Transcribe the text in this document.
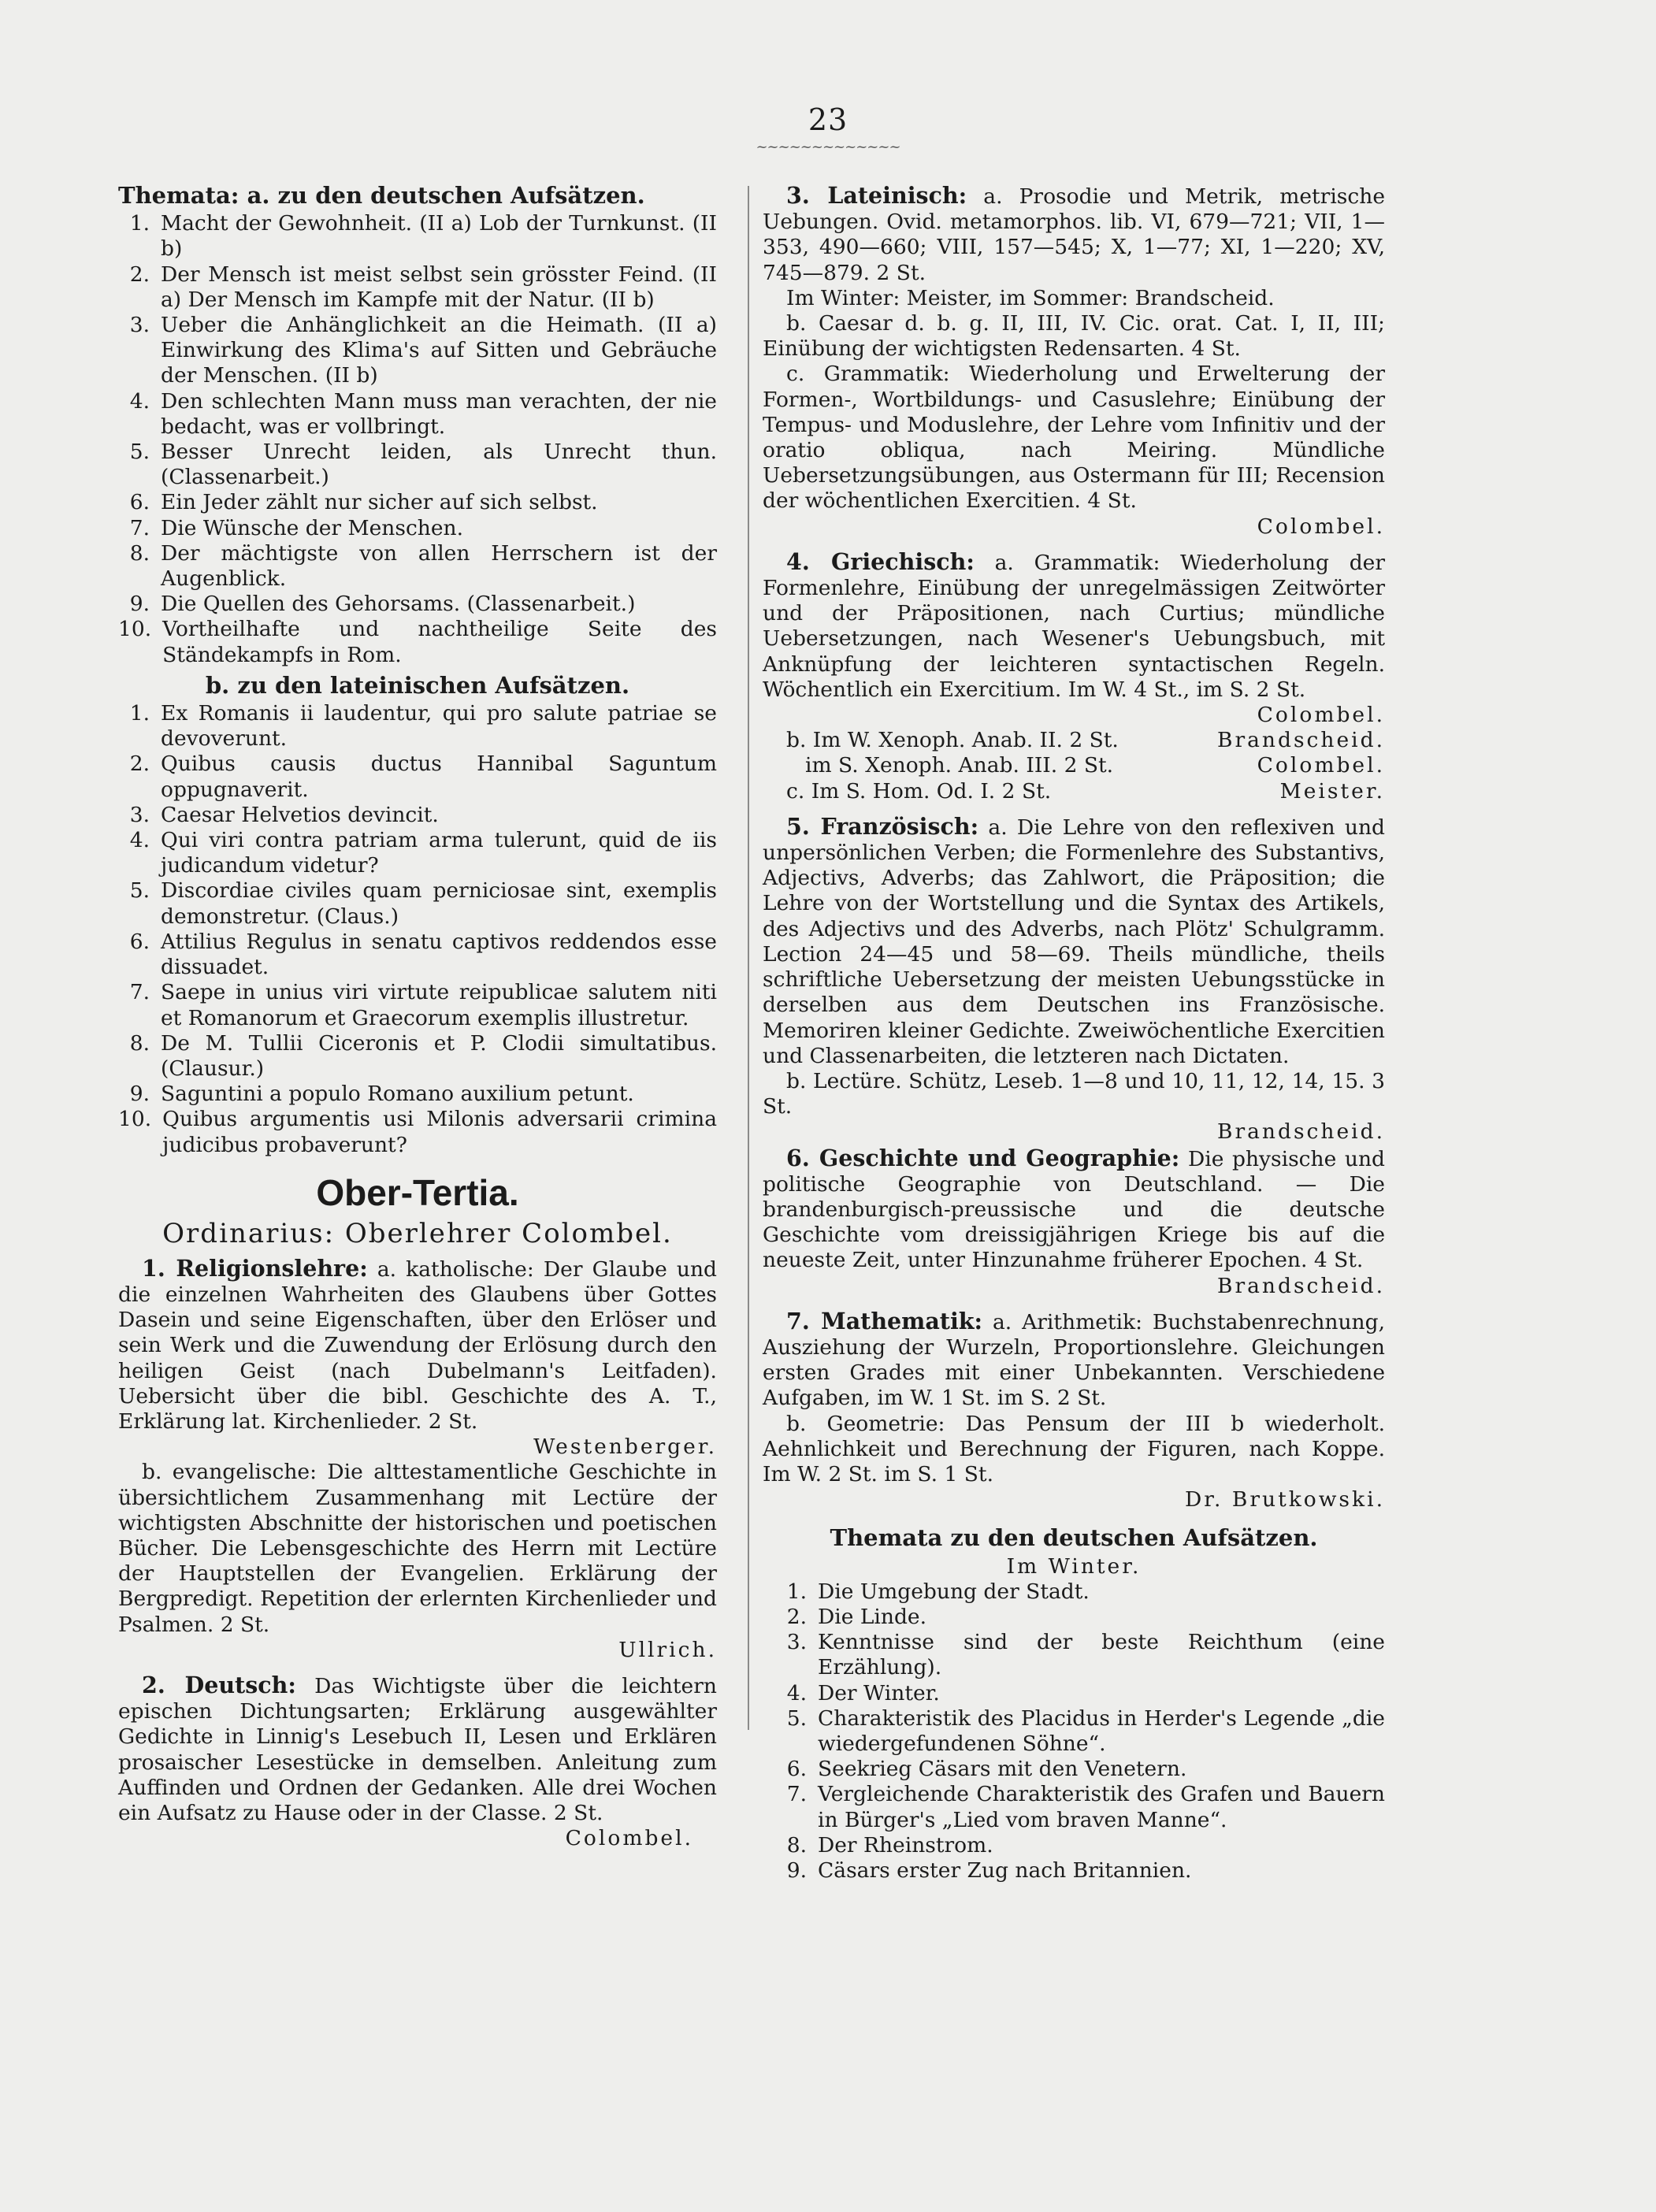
23
~~~~~~~~~~~~~
Themata: a. zu den deutschen Aufsätzen.
1. Macht der Gewohnheit. (II a) Lob der Turnkunst. (II b)
2. Der Mensch ist meist selbst sein grösster Feind. (II a) Der Mensch im Kampfe mit der Natur. (II b)
3. Ueber die Anhänglichkeit an die Heimath. (II a) Einwirkung des Klima's auf Sitten und Gebräuche der Menschen. (II b)
4. Den schlechten Mann muss man verachten, der nie bedacht, was er vollbringt.
5. Besser Unrecht leiden, als Unrecht thun. (Classenarbeit.)
6. Ein Jeder zählt nur sicher auf sich selbst.
7. Die Wünsche der Menschen.
8. Der mächtigste von allen Herrschern ist der Augenblick.
9. Die Quellen des Gehorsams. (Classenarbeit.)
10. Vortheilhafte und nachtheilige Seite des Ständekampfs in Rom.
b. zu den lateinischen Aufsätzen.
1. Ex Romanis ii laudentur, qui pro salute patriae se devoverunt.
2. Quibus causis ductus Hannibal Saguntum oppugnaverit.
3. Caesar Helvetios devincit.
4. Qui viri contra patriam arma tulerunt, quid de iis judicandum videtur?
5. Discordiae civiles quam perniciosae sint, exemplis demonstretur. (Claus.)
6. Attilius Regulus in senatu captivos reddendos esse dissuadet.
7. Saepe in unius viri virtute reipublicae salutem niti et Romanorum et Graecorum exemplis illustretur.
8. De M. Tullii Ciceronis et P. Clodii simultatibus. (Clausur.)
9. Saguntini a populo Romano auxilium petunt.
10. Quibus argumentis usi Milonis adversarii crimina judicibus probaverunt?
Ober-Tertia.
Ordinarius: Oberlehrer Colombel.

1. Religionslehre: a. katholische: Der Glaube und die einzelnen Wahrheiten des Glaubens über Gottes Dasein und seine Eigenschaften, über den Erlöser und sein Werk und die Zuwendung der Erlösung durch den heiligen Geist (nach Dubelmann's Leitfaden). Uebersicht über die bibl. Geschichte des A. T., Erklärung lat. Kirchenlieder. 2 St.

Westenberger.

b. evangelische: Die alttestamentliche Geschichte in übersichtlichem Zusammenhang mit Lectüre der wichtigsten Abschnitte der historischen und poetischen Bücher. Die Lebensgeschichte des Herrn mit Lectüre der Hauptstellen der Evangelien. Erklärung der Bergpredigt. Repetition der erlernten Kirchenlieder und Psalmen. 2 St.

Ullrich.

2. Deutsch: Das Wichtigste über die leichtern epischen Dichtungsarten; Erklärung ausgewählter Gedichte in Linnig's Lesebuch II, Lesen und Erklären prosaischer Lesestücke in demselben. Anleitung zum Auffinden und Ordnen der Gedanken. Alle drei Wochen ein Aufsatz zu Hause oder in der Classe. 2 St.

Colombel.

3. Lateinisch: a. Prosodie und Metrik, metrische Uebungen. Ovid. metamorphos. lib. VI, 679—721; VII, 1—353, 490—660; VIII, 157—545; X, 1—77; XI, 1—220; XV, 745—879. 2 St.

Im Winter: Meister, im Sommer: Brandscheid.

b. Caesar d. b. g. II, III, IV. Cic. orat. Cat. I, II, III; Einübung der wichtigsten Redensarten. 4 St.

c. Grammatik: Wiederholung und Erwelterung der Formen-, Wortbildungs- und Casuslehre; Einübung der Tempus- und Moduslehre, der Lehre vom Infinitiv und der oratio obliqua, nach Meiring. Mündliche Uebersetzungsübungen, aus Ostermann für III; Recension der wöchentlichen Exercitien. 4 St.

Colombel.

4. Griechisch: a. Grammatik: Wiederholung der Formenlehre, Einübung der unregelmässigen Zeitwörter und der Präpositionen, nach Curtius; mündliche Uebersetzungen, nach Wesener's Uebungsbuch, mit Anknüpfung der leichteren syntactischen Regeln. Wöchentlich ein Exercitium. Im W. 4 St., im S. 2 St.

Colombel.
b. Im W. Xenoph. Anab. II. 2 St.	Brandscheid.
im S. Xenoph. Anab. III. 2 St.	Colombel.
c. Im S. Hom. Od. I. 2 St.	Meister.

5. Französisch: a. Die Lehre von den reflexiven und unpersönlichen Verben; die Formenlehre des Substantivs, Adjectivs, Adverbs; das Zahlwort, die Präposition; die Lehre von der Wortstellung und die Syntax des Artikels, des Adjectivs und des Adverbs, nach Plötz' Schulgramm. Lection 24—45 und 58—69. Theils mündliche, theils schriftliche Uebersetzung der meisten Uebungsstücke in derselben aus dem Deutschen ins Französische. Memoriren kleiner Gedichte. Zweiwöchentliche Exercitien und Classenarbeiten, die letzteren nach Dictaten.

b. Lectüre. Schütz, Leseb. 1—8 und 10, 11, 12, 14, 15. 3 St.

Brandscheid.

6. Geschichte und Geographie: Die physische und politische Geographie von Deutschland. — Die brandenburgisch-preussische und die deutsche Geschichte vom dreissigjährigen Kriege bis auf die neueste Zeit, unter Hinzunahme früherer Epochen. 4 St.

Brandscheid.

7. Mathematik: a. Arithmetik: Buchstabenrechnung, Ausziehung der Wurzeln, Proportionslehre. Gleichungen ersten Grades mit einer Unbekannten. Verschiedene Aufgaben, im W. 1 St. im S. 2 St.

b. Geometrie: Das Pensum der III b wiederholt. Aehnlichkeit und Berechnung der Figuren, nach Koppe. Im W. 2 St. im S. 1 St.

Dr. Brutkowski.
Themata zu den deutschen Aufsätzen.
Im Winter.
1. Die Umgebung der Stadt.
2. Die Linde.
3. Kenntnisse sind der beste Reichthum (eine Erzählung).
4. Der Winter.
5. Charakteristik des Placidus in Herder's Legende „die wiedergefundenen Söhne“.
6. Seekrieg Cäsars mit den Venetern.
7. Vergleichende Charakteristik des Grafen und Bauern in Bürger's „Lied vom braven Manne“.
8. Der Rheinstrom.
9. Cäsars erster Zug nach Britannien.
